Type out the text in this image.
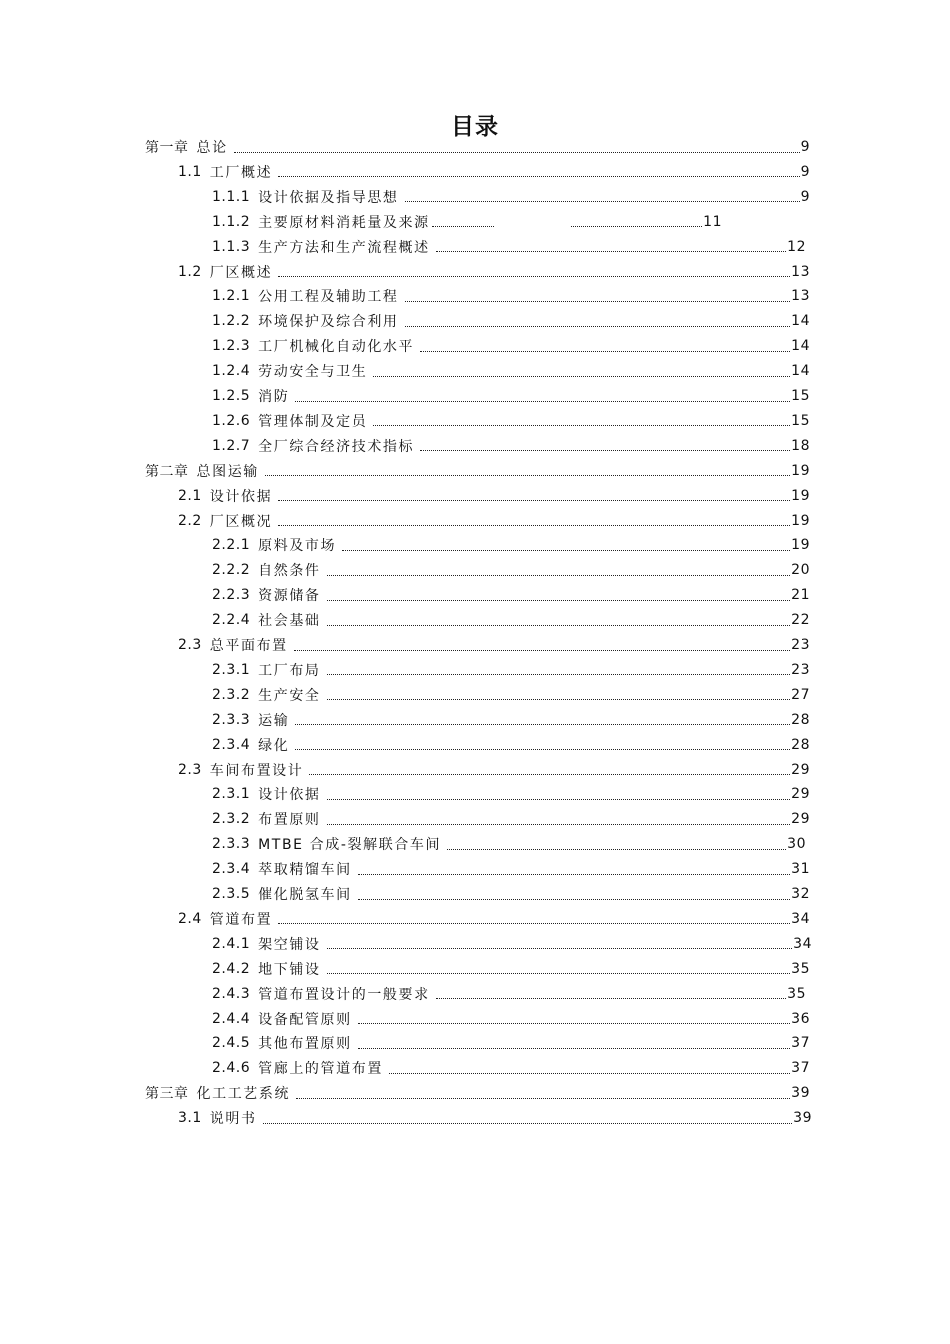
目录
第一章 总论	9
1.1 工厂概述	9
1.1.1 设计依据及指导思想	9
1.1.2 主要原材料消耗量及来源	11
1.1.3 生产方法和生产流程概述	12
1.2 厂区概述	13
1.2.1 公用工程及辅助工程	13
1.2.2 环境保护及综合利用	14
1.2.3 工厂机械化自动化水平	14
1.2.4 劳动安全与卫生	14
1.2.5 消防	15
1.2.6 管理体制及定员	15
1.2.7 全厂综合经济技术指标	18
第二章 总图运输	19
2.1 设计依据	19
2.2 厂区概况	19
2.2.1 原料及市场	19
2.2.2 自然条件	20
2.2.3 资源储备	21
2.2.4 社会基础	22
2.3 总平面布置	23
2.3.1 工厂布局	23
2.3.2 生产安全	27
2.3.3 运输	28
2.3.4 绿化	28
2.3 车间布置设计	29
2.3.1 设计依据	29
2.3.2 布置原则	29
2.3.3 MTBE 合成-裂解联合车间	30
2.3.4 萃取精馏车间	31
2.3.5 催化脱氢车间	32
2.4 管道布置	34
2.4.1 架空铺设	34
2.4.2 地下铺设	35
2.4.3 管道布置设计的一般要求	35
2.4.4 设备配管原则	36
2.4.5 其他布置原则	37
2.4.6 管廊上的管道布置	37
第三章 化工工艺系统	39
3.1 说明书	39
